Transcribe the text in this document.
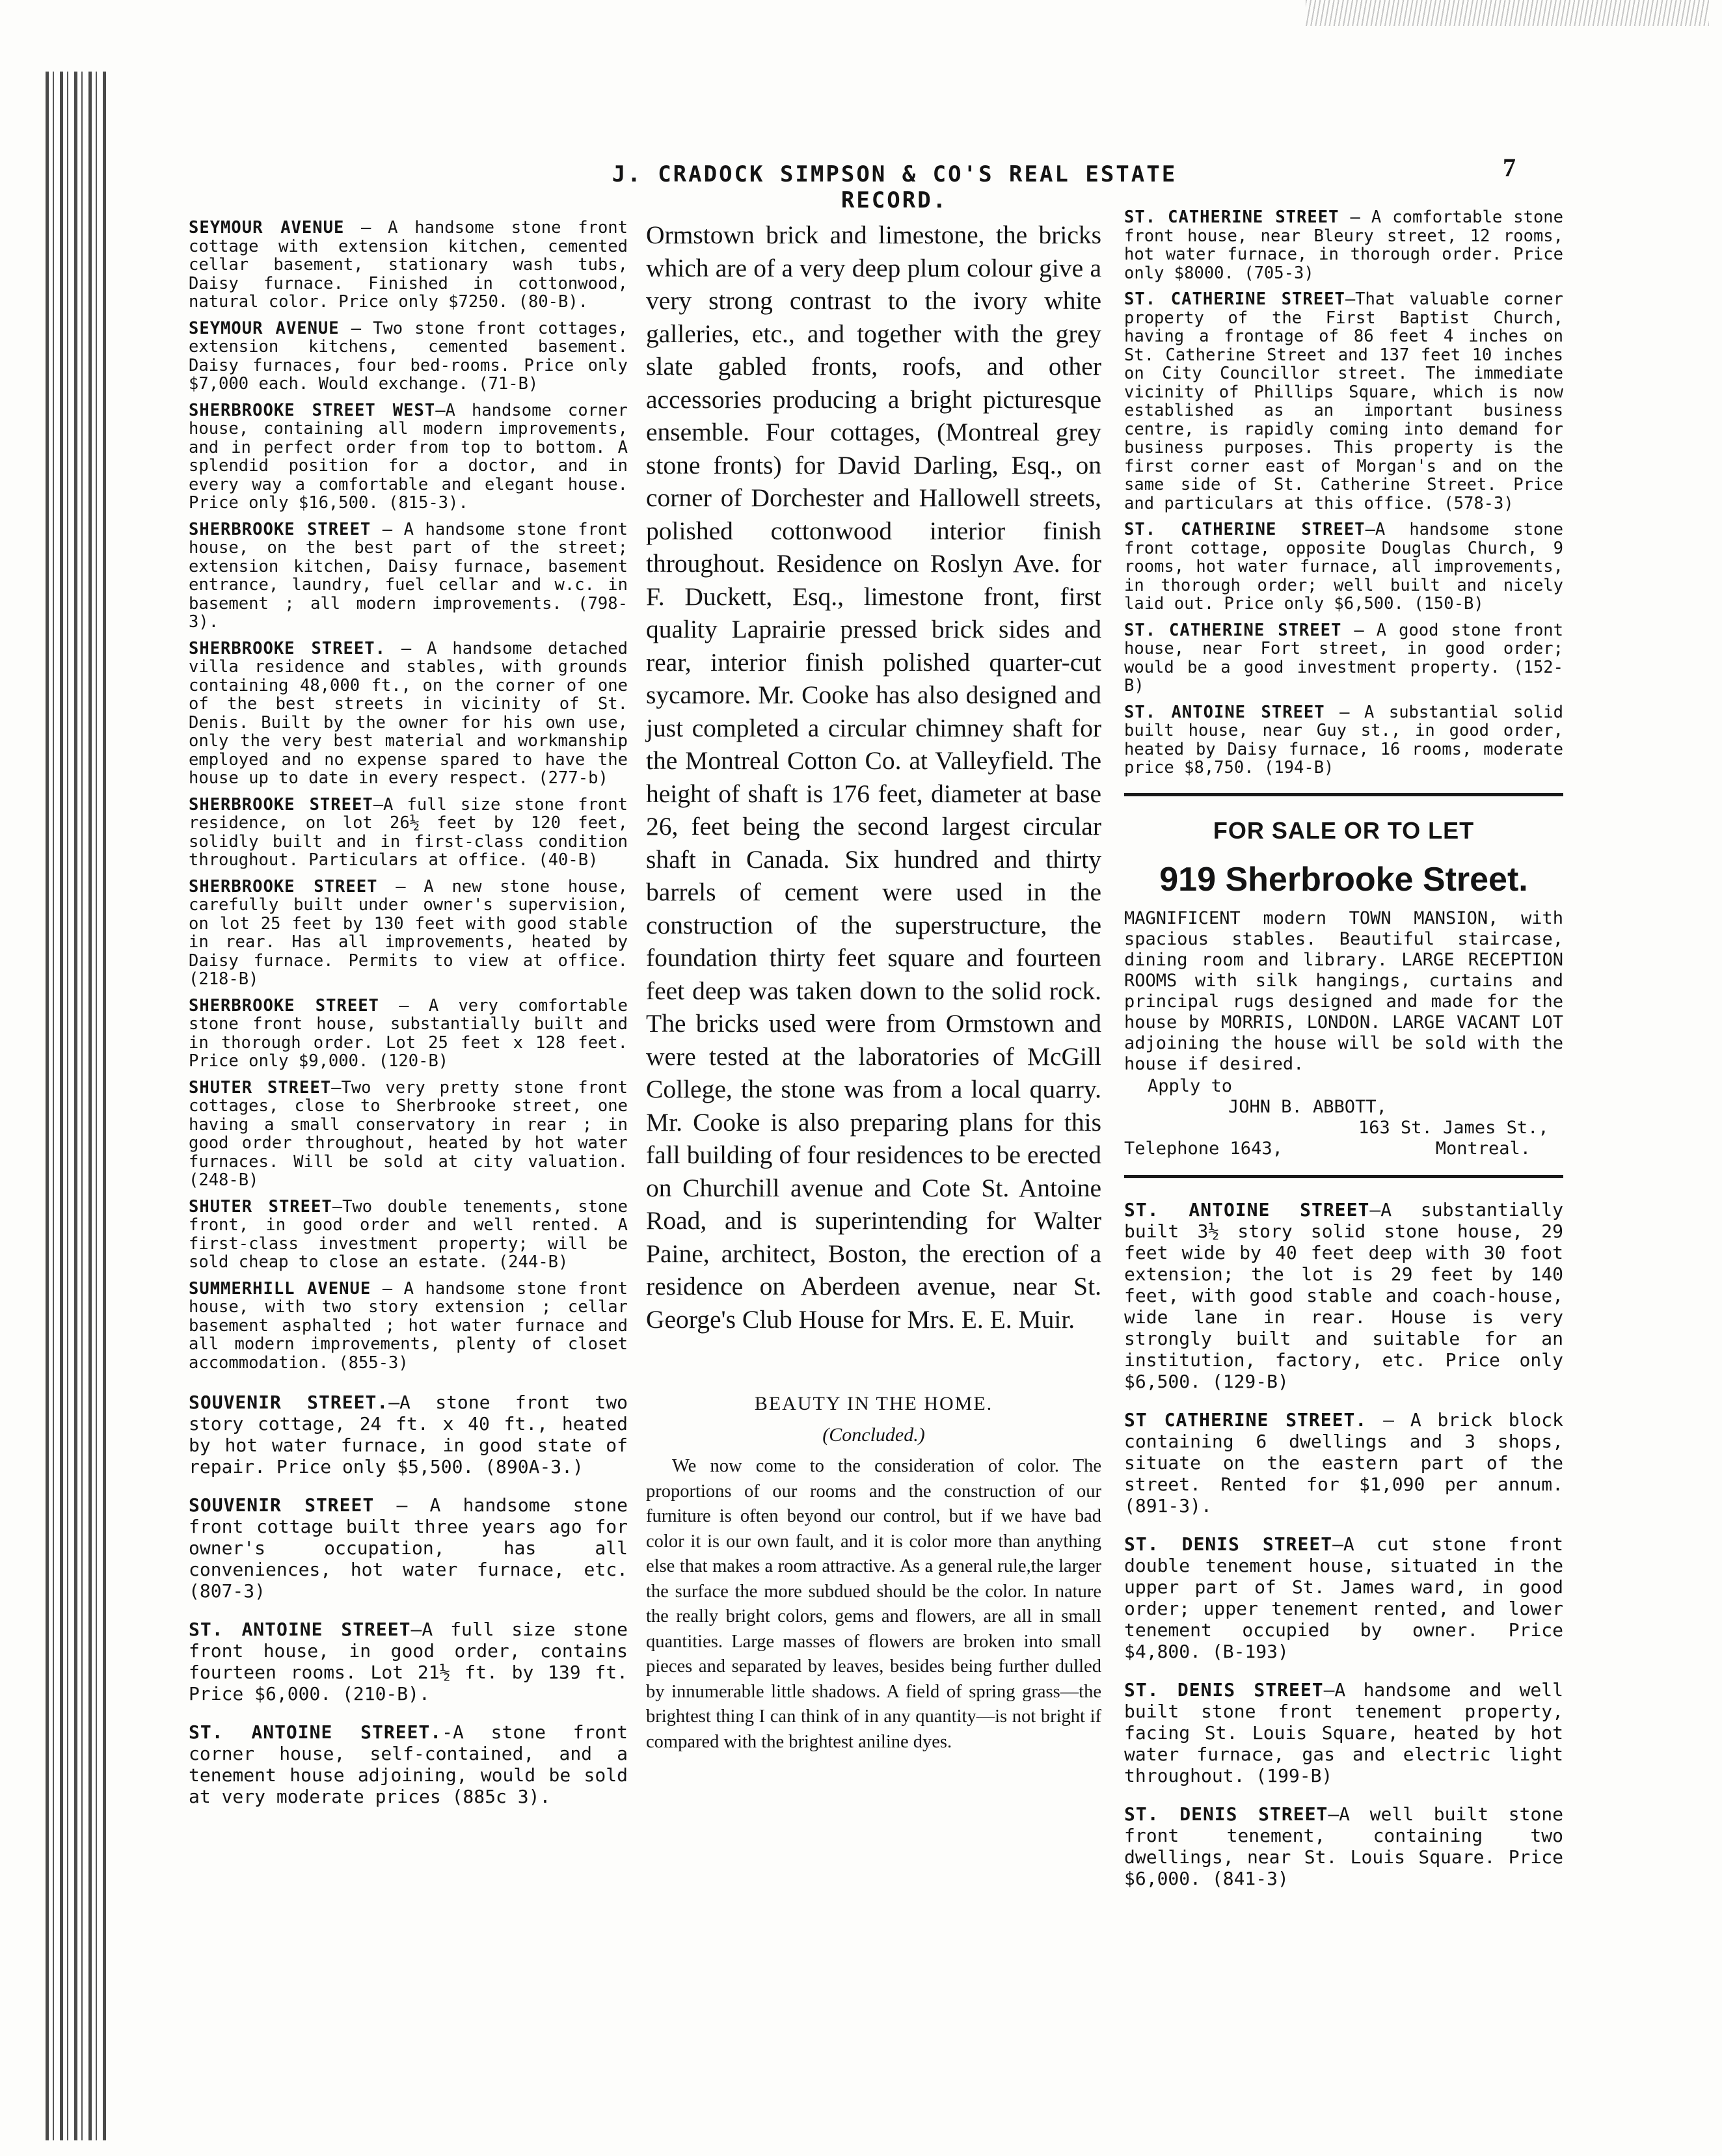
J. CRADOCK SIMPSON & CO'S REAL ESTATE RECORD.
7
SEYMOUR AVENUE — A handsome stone front cottage with extension kitchen, cemented cellar basement, stationary wash tubs, Daisy furnace. Finished in cottonwood, natural color. Price only $7250. (80-B).
SEYMOUR AVENUE — Two stone front cottages, extension kitchens, cemented basement. Daisy furnaces, four bed-rooms. Price only $7,000 each. Would exchange. (71-B)
SHERBROOKE STREET WEST—A handsome corner house, containing all modern improvements, and in perfect order from top to bottom. A splendid position for a doctor, and in every way a comfortable and elegant house. Price only $16,500. (815-3).
SHERBROOKE STREET — A handsome stone front house, on the best part of the street; extension kitchen, Daisy furnace, basement entrance, laundry, fuel cellar and w.c. in basement ; all modern improvements. (798-3).
SHERBROOKE STREET. — A handsome detached villa residence and stables, with grounds containing 48,000 ft., on the corner of one of the best streets in vicinity of St. Denis. Built by the owner for his own use, only the very best material and workmanship employed and no expense spared to have the house up to date in every respect. (277-b)
SHERBROOKE STREET—A full size stone front residence, on lot 26½ feet by 120 feet, solidly built and in first-class condition throughout. Particulars at office. (40-B)
SHERBROOKE STREET — A new stone house, carefully built under owner's supervision, on lot 25 feet by 130 feet with good stable in rear. Has all improvements, heated by Daisy furnace. Permits to view at office. (218-B)
SHERBROOKE STREET — A very comfortable stone front house, substantially built and in thorough order. Lot 25 feet x 128 feet. Price only $9,000. (120-B)
SHUTER STREET—Two very pretty stone front cottages, close to Sherbrooke street, one having a small conservatory in rear ; in good order throughout, heated by hot water furnaces. Will be sold at city valuation. (248-B)
SHUTER STREET—Two double tenements, stone front, in good order and well rented. A first-class investment property; will be sold cheap to close an estate. (244-B)
SUMMERHILL AVENUE — A handsome stone front house, with two story extension ; cellar basement asphalted ; hot water furnace and all modern improvements, plenty of closet accommodation. (855-3)
SOUVENIR STREET.—A stone front two story cottage, 24 ft. x 40 ft., heated by hot water furnace, in good state of repair. Price only $5,500. (890A-3.)
SOUVENIR STREET — A handsome stone front cottage built three years ago for owner's occupation, has all conveniences, hot water furnace, etc. (807-3)
ST. ANTOINE STREET—A full size stone front house, in good order, contains fourteen rooms. Lot 21½ ft. by 139 ft. Price $6,000. (210-B).
ST. ANTOINE STREET.-A stone front corner house, self-contained, and a tenement house adjoining, would be sold at very moderate prices (885c 3).

Ormstown brick and limestone, the bricks which are of a very deep plum colour give a very strong contrast to the ivory white galleries, etc., and together with the grey slate gabled fronts, roofs, and other accessories producing a bright picturesque ensemble. Four cottages, (Montreal grey stone fronts) for David Darling, Esq., on corner of Dorchester and Hallowell streets, polished cottonwood interior finish throughout. Residence on Roslyn Ave. for F. Duckett, Esq., limestone front, first quality Laprairie pressed brick sides and rear, interior finish polished quarter-cut sycamore. Mr. Cooke has also designed and just completed a circular chimney shaft for the Montreal Cotton Co. at Valleyfield. The height of shaft is 176 feet, diameter at base 26, feet being the second largest circular shaft in Canada. Six hundred and thirty barrels of cement were used in the construction of the superstructure, the foundation thirty feet square and fourteen feet deep was taken down to the solid rock. The bricks used were from Ormstown and were tested at the laboratories of McGill College, the stone was from a local quarry. Mr. Cooke is also preparing plans for this fall building of four residences to be erected on Churchill avenue and Cote St. Antoine Road, and is superintending for Walter Paine, architect, Boston, the erection of a residence on Aberdeen avenue, near St. George's Club House for Mrs. E. E. Muir.

BEAUTY IN THE HOME.
(Concluded.)

We now come to the consideration of color. The proportions of our rooms and the construction of our furniture is often beyond our control, but if we have bad color it is our own fault, and it is color more than anything else that makes a room attractive. As a general rule,the larger the surface the more subdued should be the color. In nature the really bright colors, gems and flowers, are all in small quantities. Large masses of flowers are broken into small pieces and separated by leaves, besides being further dulled by innumerable little shadows. A field of spring grass—the brightest thing I can think of in any quantity—is not bright if compared with the brightest aniline dyes.

ST. CATHERINE STREET — A comfortable stone front house, near Bleury street, 12 rooms, hot water furnace, in thorough order. Price only $8000. (705-3)
ST. CATHERINE STREET—That valuable corner property of the First Baptist Church, having a frontage of 86 feet 4 inches on St. Catherine Street and 137 feet 10 inches on City Councillor street. The immediate vicinity of Phillips Square, which is now established as an important business centre, is rapidly coming into demand for business purposes. This property is the first corner east of Morgan's and on the same side of St. Catherine Street. Price and particulars at this office. (578-3)
ST. CATHERINE STREET—A handsome stone front cottage, opposite Douglas Church, 9 rooms, hot water furnace, all improvements, in thorough order; well built and nicely laid out. Price only $6,500. (150-B)
ST. CATHERINE STREET — A good stone front house, near Fort street, in good order; would be a good investment property. (152-B)
ST. ANTOINE STREET — A substantial solid built house, near Guy st., in good order, heated by Daisy furnace, 16 rooms, moderate price $8,750. (194-B)
FOR SALE OR TO LET
919 Sherbrooke Street.
MAGNIFICENT modern TOWN MANSION, with spacious stables. Beautiful staircase, dining room and library. LARGE RECEPTION ROOMS with silk hangings, curtains and principal rugs designed and made for the house by MORRIS, LONDON. LARGE VACANT LOT adjoining the house will be sold with the house if desired.
Apply to
JOHN B. ABBOTT,
163 St. James St.,
Telephone 1643,	Montreal.
ST. ANTOINE STREET—A substantially built 3½ story solid stone house, 29 feet wide by 40 feet deep with 30 foot extension; the lot is 29 feet by 140 feet, with good stable and coach-house, wide lane in rear. House is very strongly built and suitable for an institution, factory, etc. Price only $6,500. (129-B)
ST CATHERINE STREET. — A brick block containing 6 dwellings and 3 shops, situate on the eastern part of the street. Rented for $1,090 per annum. (891-3).
ST. DENIS STREET—A cut stone front double tenement house, situated in the upper part of St. James ward, in good order; upper tenement rented, and lower tenement occupied by owner. Price $4,800. (B-193)
ST. DENIS STREET—A handsome and well built stone front tenement property, facing St. Louis Square, heated by hot water furnace, gas and electric light throughout. (199-B)
ST. DENIS STREET—A well built stone front tenement, containing two dwellings, near St. Louis Square. Price $6,000. (841-3)
